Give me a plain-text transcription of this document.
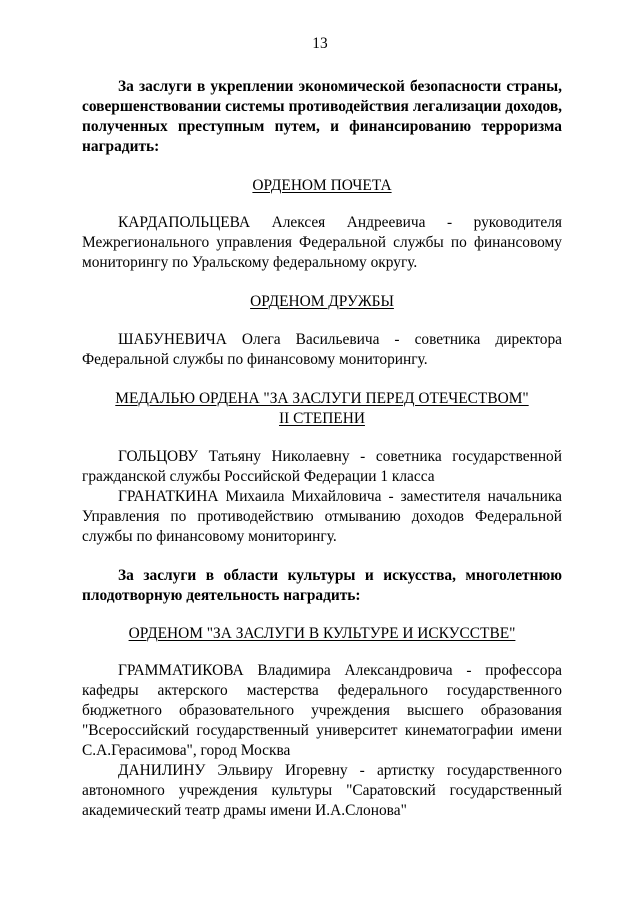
13
За заслуги в укреплении экономической безопасности страны, совершенствовании системы противодействия легализации доходов, полученных преступным путем, и финансированию терроризма наградить:
ОРДЕНОМ ПОЧЕТА
КАРДАПОЛЬЦЕВА Алексея Андреевича - руководителя Межрегионального управления Федеральной службы по финансовому мониторингу по Уральскому федеральному округу.
ОРДЕНОМ ДРУЖБЫ
ШАБУНЕВИЧА Олега Васильевича - советника директора Федеральной службы по финансовому мониторингу.
МЕДАЛЬЮ ОРДЕНА "ЗА ЗАСЛУГИ ПЕРЕД ОТЕЧЕСТВОМ"
II СТЕПЕНИ
ГОЛЬЦОВУ Татьяну Николаевну - советника государственной гражданской службы Российской Федерации 1 класса
ГРАНАТКИНА Михаила Михайловича - заместителя начальника Управления по противодействию отмыванию доходов Федеральной службы по финансовому мониторингу.
За заслуги в области культуры и искусства, многолетнюю плодотворную деятельность наградить:
ОРДЕНОМ "ЗА ЗАСЛУГИ В КУЛЬТУРЕ И ИСКУССТВЕ"
ГРАММАТИКОВА Владимира Александровича - профессора кафедры актерского мастерства федерального государственного бюджетного образовательного учреждения высшего образования "Всероссийский государственный университет кинематографии имени С.А.Герасимова", город Москва
ДАНИЛИНУ Эльвиру Игоревну - артистку государственного автономного учреждения культуры "Саратовский государственный академический театр драмы имени И.А.Слонова"
